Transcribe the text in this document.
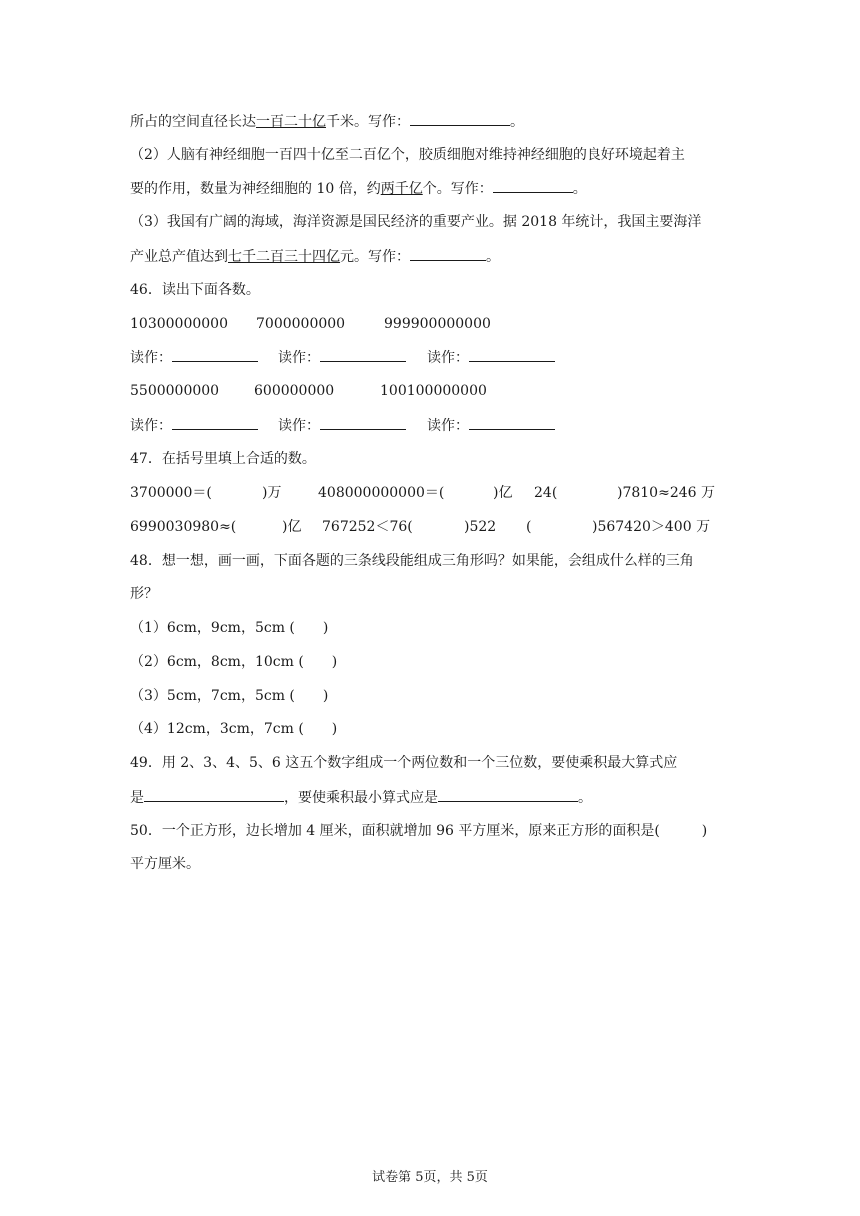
所占的空间直径长达一百二十亿千米。写作：	。
（2）人脑有神经细胞一百四十亿至二百亿个，胶质细胞对维持神经细胞的良好环境起着主
要的作用，数量为神经细胞的 10 倍，约两千亿个。写作：	。
（3）我国有广阔的海域，海洋资源是国民经济的重要产业。据 2018 年统计，我国主要海洋
产业总产值达到七千二百三十四亿元。写作：	。
46．读出下面各数。
10300000000 7000000000	999900000000
读作：	读作：	读作：
5500000000 600000000	100100000000
读作：	读作：	读作：
47．在括号里填上合适的数。
3700000＝(	)万	408000000000＝(	)亿 24(	)7810≈246 万
6990030980≈(	)亿 767252＜76(	)522 (	)567420＞400 万
48．想一想，画一画，下面各题的三条线段能组成三角形吗？如果能，会组成什么样的三角
形？
（1）6cm，9cm，5cm (　　)
（2）6cm，8cm，10cm (　　)
（3）5cm，7cm，5cm (　　)
（4）12cm，3cm，7cm (　　)
49．用 2、3、4、5、6 这五个数字组成一个两位数和一个三位数，要使乘积最大算式应
是	，要使乘积最小算式应是	。
50．一个正方形，边长增加 4 厘米，面积就增加 96 平方厘米，原来正方形的面积是(　　　)
平方厘米。
试卷第 5页，共 5页
